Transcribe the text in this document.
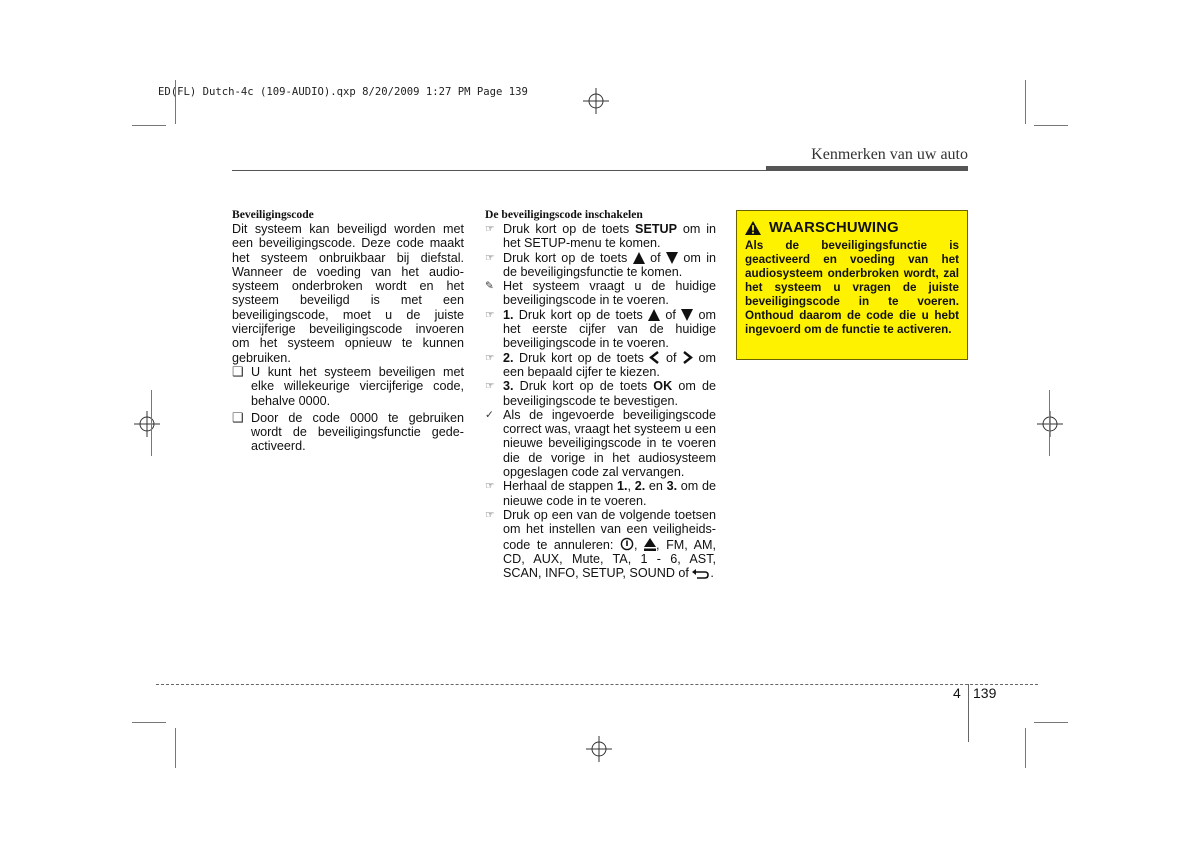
ED(FL) Dutch-4c (109-AUDIO).qxp 8/20/2009 1:27 PM Page 139
Kenmerken van uw auto

Beveiligingscode

Dit systeem kan beveiligd worden met een beveiligingscode. Deze code maakt het systeem onbruikbaar bij diefstal. Wanneer de voeding van het audio-systeem onderbroken wordt en het systeem beveiligd is met een beveiligingscode, moet u de juiste viercijferige beveiligingscode invoeren om het systeem opnieuw te kunnen gebruiken.

❑ U kunt het systeem beveiligen met elke willekeurige viercijferige code, behalve 0000.
❑ Door de code 0000 te gebruiken wordt de beveiligingsfunctie gede-activeerd.

De beveiligingscode inschakelen

☞ Druk kort op de toets SETUP om in het SETUP-menu te komen.
☞ Druk kort op de toets  of  om in de beveiligingsfunctie te komen.
✎ Het systeem vraagt u de huidige beveiligingscode in te voeren.
☞ 1. Druk kort op de toets  of  om het eerste cijfer van de huidige beveiligingscode in te voeren.
☞ 2. Druk kort op de toets  of  om een bepaald cijfer te kiezen.
☞ 3. Druk kort op de toets OK om de beveiligingscode te bevestigen.
✓ Als de ingevoerde beveiligingscode correct was, vraagt het systeem u een nieuwe beveiligingscode in te voeren die de vorige in het audiosysteem opgeslagen code zal vervangen.
☞ Herhaal de stappen 1., 2. en 3. om de nieuwe code in te voeren.
☞ Druk op een van de volgende toetsen om het instellen van een veiligheids-code te annuleren: , , FM, AM, CD, AUX, Mute, TA, 1 - 6, AST, SCAN, INFO, SETUP, SOUND of .
WAARSCHUWING
Als de beveiligingsfunctie is geactiveerd en voeding van het audiosysteem onderbroken wordt, zal het systeem u vragen de juiste beveiligingscode in te voeren. Onthoud daarom de code die u hebt ingevoerd om de functie te activeren.
4 139
